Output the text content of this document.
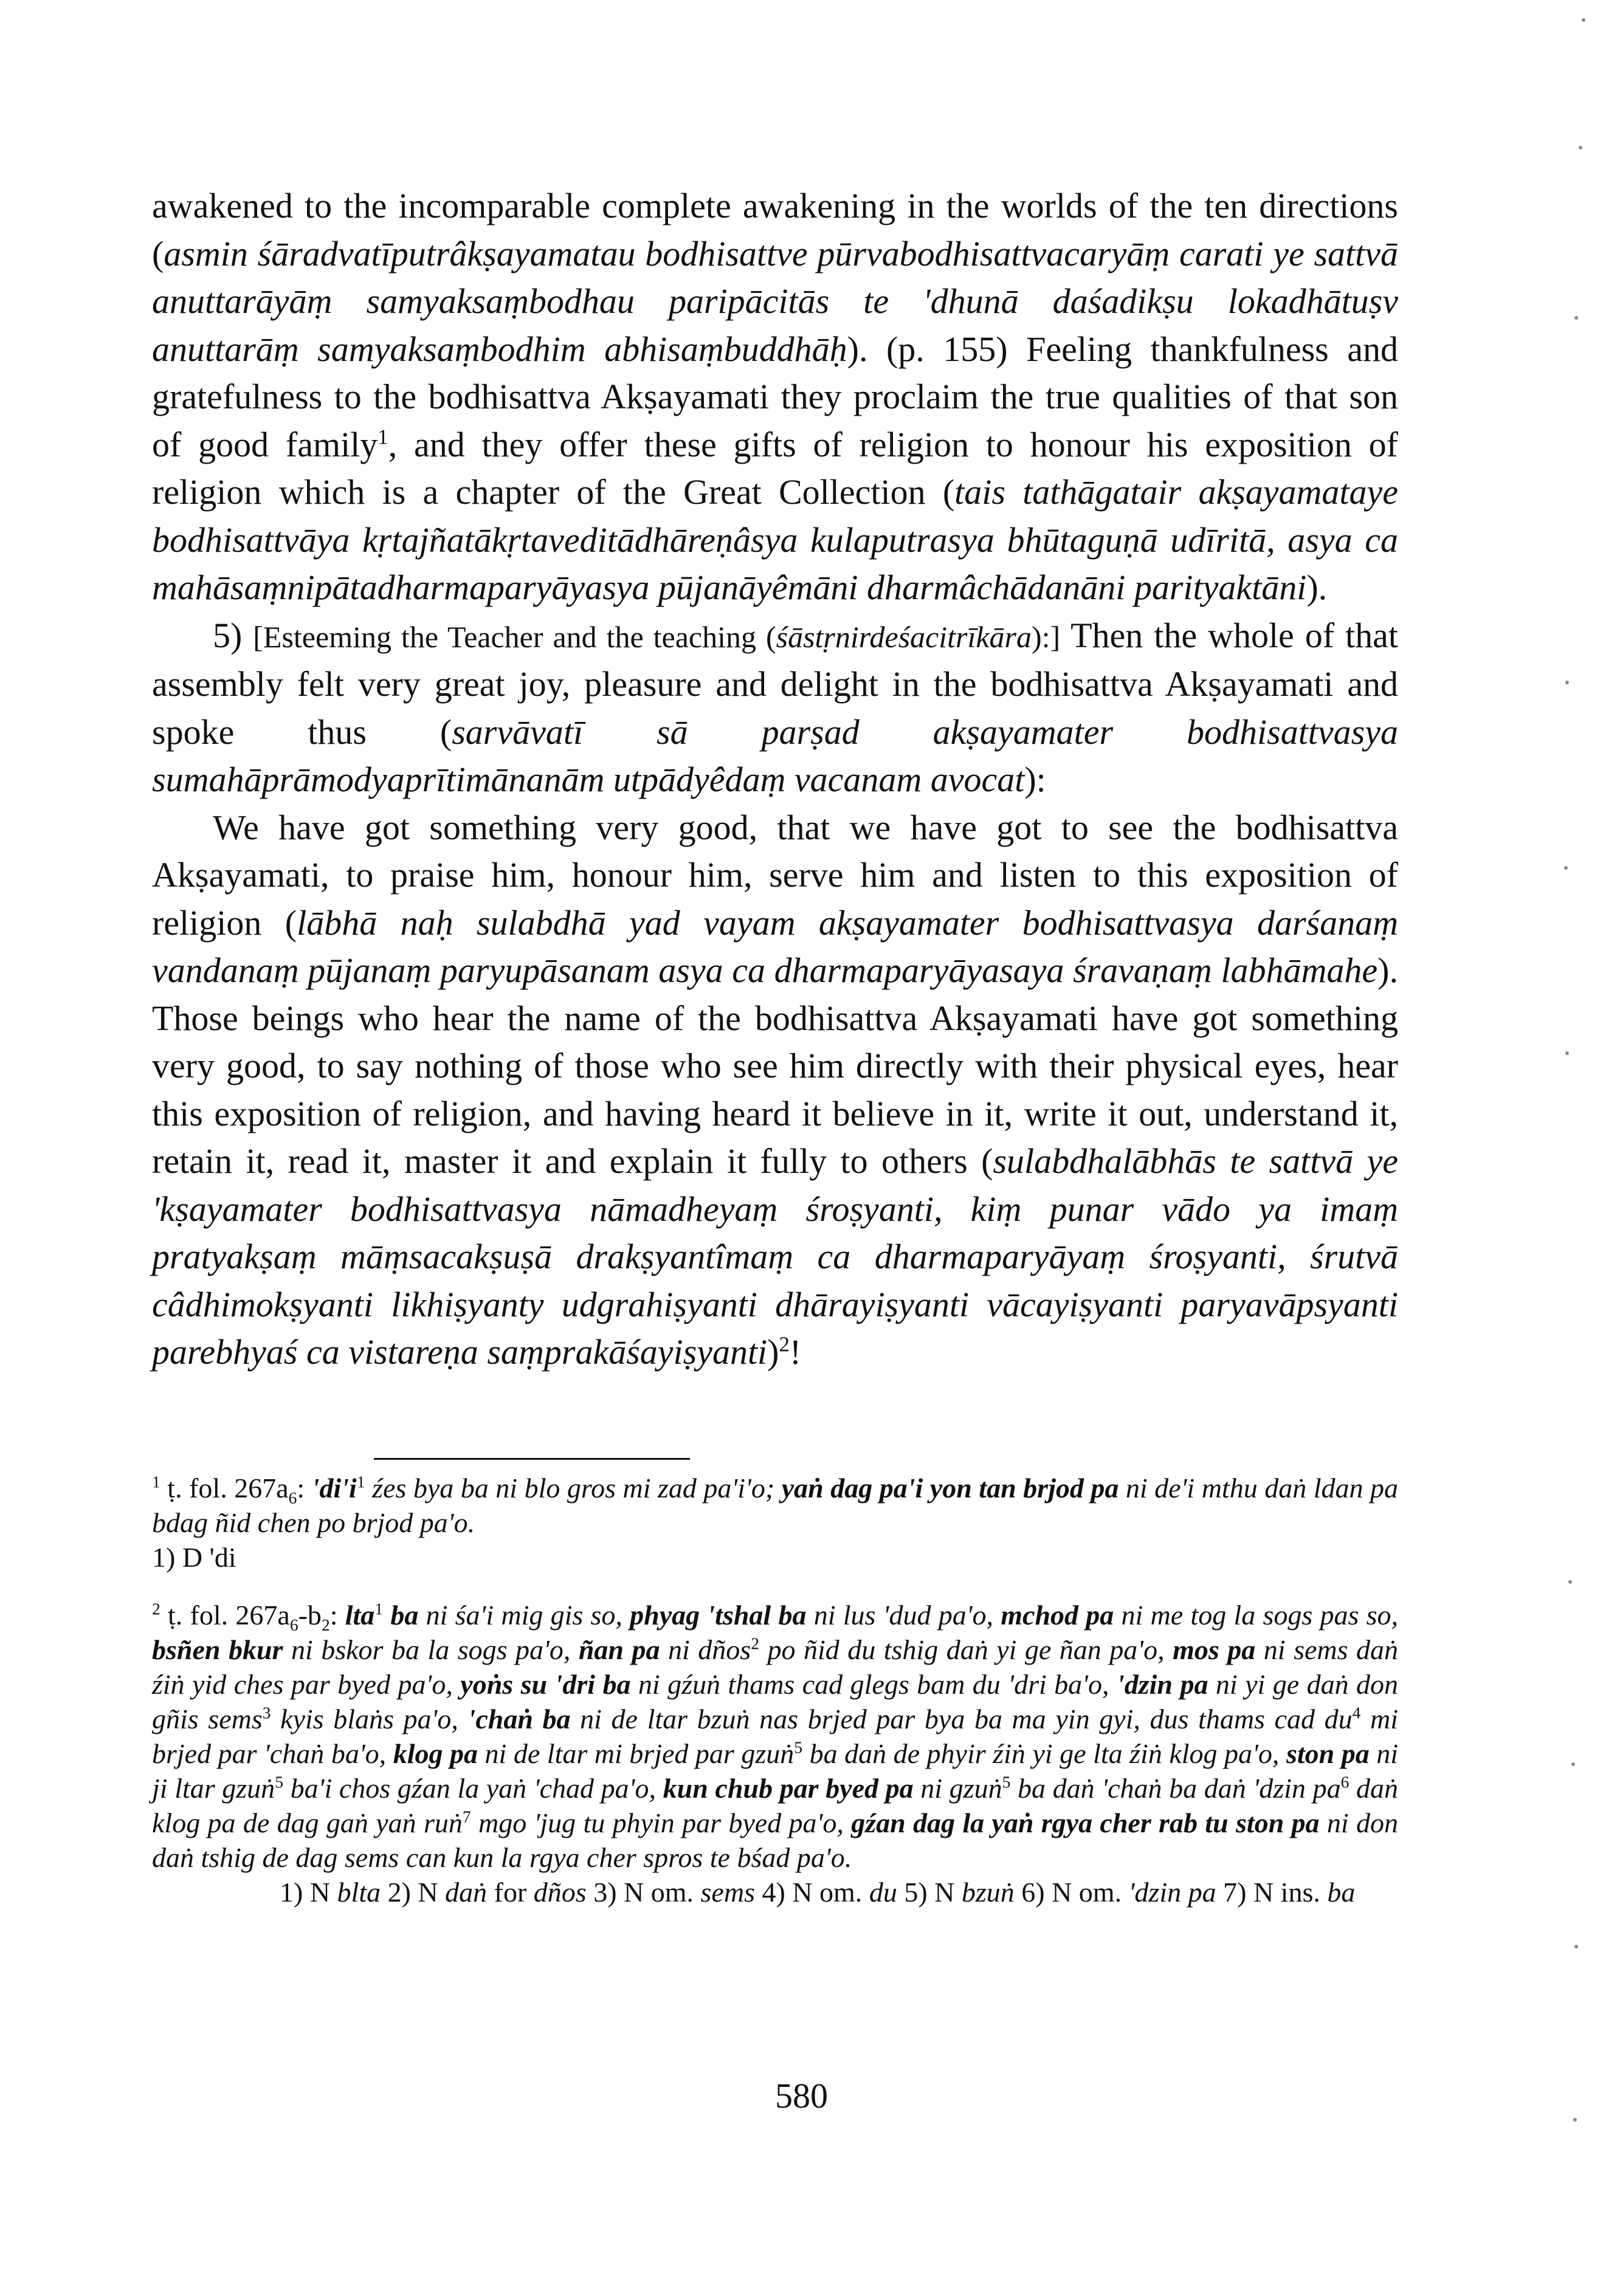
awakened to the incomparable complete awakening in the worlds of the ten directions (asmin śāradvatīputrâkṣayamatau bodhisattve pūrvabodhisattvacaryāṃ carati ye sattvā anuttarāyāṃ samyaksaṃbodhau paripācitās te 'dhunā daśadikṣu lokadhātuṣv anuttarāṃ samyaksaṃbodhim abhisaṃbuddhāḥ). (p. 155) Feeling thankfulness and gratefulness to the bodhisattva Akṣayamati they proclaim the true qualities of that son of good family$^1$, and they offer these gifts of religion to honour his exposition of religion which is a chapter of the Great Collection (tais tathāgatair akṣayamataye bodhisattvāya kṛtajñatākṛtaveditādhāreṇâsya kulaputrasya bhūtaguṇā udīritā, asya ca mahāsaṃnipātadharmaparyāyasya pūjanāyêmāni dharmâchādanāni parityaktāni).

5) [Esteeming the Teacher and the teaching (śāstṛnirdeśacitrīkāra):] Then the whole of that assembly felt very great joy, pleasure and delight in the bodhisattva Akṣayamati and spoke thus (sarvāvatī sā parṣad akṣayamater bodhisattvasya sumahāprāmodyaprītimānanām utpādyêdaṃ vacanam avocat):

We have got something very good, that we have got to see the bodhisattva Akṣayamati, to praise him, honour him, serve him and listen to this exposition of religion (lābhā naḥ sulabdhā yad vayam akṣayamater bodhisattvasya darśanaṃ vandanaṃ pūjanaṃ paryupāsanam asya ca dharmaparyāyasaya śravaṇaṃ labhāmahe). Those beings who hear the name of the bodhisattva Akṣayamati have got something very good, to say nothing of those who see him directly with their physical eyes, hear this exposition of religion, and having heard it believe in it, write it out, understand it, retain it, read it, master it and explain it fully to others (sulabdhalābhās te sattvā ye 'kṣayamater bodhisattvasya nāmadheyaṃ śroṣyanti, kiṃ punar vādo ya imaṃ pratyakṣaṃ māṃsacakṣuṣā drakṣyantîmaṃ ca dharmaparyāyaṃ śroṣyanti, śrutvā câdhimokṣyanti likhiṣyanty udgrahiṣyanti dhārayiṣyanti vācayiṣyanti paryavāpsyanti parebhyaś ca vistareṇa saṃprakāśayiṣyanti)$^2$!

$^1$ ṭ. fol. $267a_6$: '$di'i^1$ źes bya ba ni blo gros mi zad pa'i'o; yaṅ dag pa'i yon tan brjod pa ni de'i mthu daṅ ldan pa bdag ñid chen po brjod pa'o.

1) D 'di

$^2$ ṭ. fol. $267a_6-b_2$: lta$^1$ ba ni śa'i mig gis so, phyag 'tshal ba ni lus 'dud pa'o, mchod pa ni me tog la sogs pas so, bsñen bkur ni bskor ba la sogs pa'o, ñan pa ni dños$^2$ po ñid du tshig daṅ yi ge ñan pa'o, mos pa ni sems daṅ źiṅ yid ches par byed pa'o, yoṅs su 'dri ba ni gźuṅ thams cad glegs bam du 'dri ba'o, 'dzin pa ni yi ge daṅ don gñis sems$^3$ kyis blaṅs pa'o, 'chaṅ ba ni de ltar bzuṅ nas brjed par bya ba ma yin gyi, dus thams cad $du^4$ mi brjed par 'chaṅ ba'o, klog pa ni de ltar mi brjed par gzuṅ$^5$ ba daṅ de phyir źiṅ yi ge lta źiṅ klog pa'o, ston pa ni ji ltar gzuṅ$^5$ ba'i chos gźan la yaṅ 'chad pa'o, kun chub par byed pa ni gzuṅ$^5$ ba daṅ 'chaṅ ba daṅ 'dzin $pa^6$ daṅ klog pa de dag gaṅ yaṅ ruṅ$^7$ mgo 'jug tu phyin par byed pa'o, gźan dag la yaṅ rgya cher rab tu ston pa ni don daṅ tshig de dag sems can kun la rgya cher spros te bśad pa'o.

1) N blta 2) N daṅ for dños 3) N om. sems 4) N om. du 5) N bzuṅ 6) N om. 'dzin pa 7) N ins. ba

580
